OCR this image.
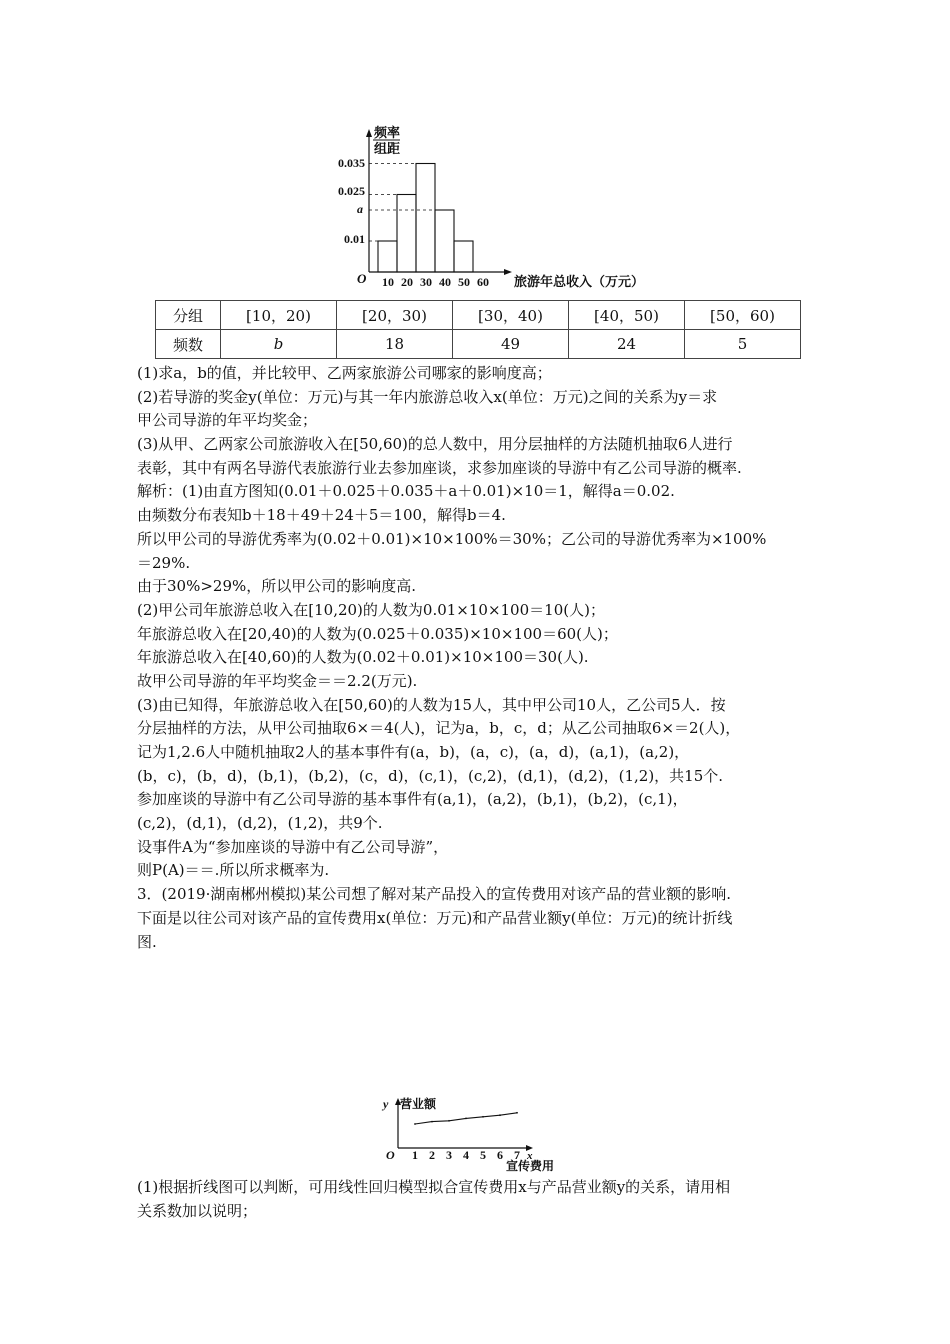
频率
组距
O
0.035
0.025
a
0.01
10 20 30 40 50 60 旅游年总收入（万元）
分组	[10，20)	[20，30)	[30，40)	[40，50)	[50，60)
频数	b	18	49	24	5
(1)求a，b的值，并比较甲、乙两家旅游公司哪家的影响度高；
(2)若导游的奖金y(单位：万元)与其一年内旅游总收入x(单位：万元)之间的关系为y＝求
甲公司导游的年平均奖金；
(3)从甲、乙两家公司旅游收入在[50,60)的总人数中，用分层抽样的方法随机抽取6人进行
表彰，其中有两名导游代表旅游行业去参加座谈，求参加座谈的导游中有乙公司导游的概率.
解析：(1)由直方图知(0.01＋0.025＋0.035＋a＋0.01)×10＝1，解得a＝0.02.
由频数分布表知b＋18＋49＋24＋5＝100，解得b＝4.
所以甲公司的导游优秀率为(0.02＋0.01)×10×100%＝30%；乙公司的导游优秀率为×100%
＝29%.
由于30%>29%，所以甲公司的影响度高.
(2)甲公司年旅游总收入在[10,20)的人数为0.01×10×100＝10(人)；
年旅游总收入在[20,40)的人数为(0.025＋0.035)×10×100＝60(人)；
年旅游总收入在[40,60)的人数为(0.02＋0.01)×10×100＝30(人).
故甲公司导游的年平均奖金＝＝2.2(万元).
(3)由已知得，年旅游总收入在[50,60)的人数为15人，其中甲公司10人，乙公司5人．按
分层抽样的方法，从甲公司抽取6×＝4(人)，记为a，b，c，d；从乙公司抽取6×＝2(人)，
记为1,2.6人中随机抽取2人的基本事件有(a，b)，(a，c)，(a，d)，(a,1)，(a,2)，
(b，c)，(b，d)，(b,1)，(b,2)，(c，d)，(c,1)，(c,2)，(d,1)，(d,2)，(1,2)，共15个.
参加座谈的导游中有乙公司导游的基本事件有(a,1)，(a,2)，(b,1)，(b,2)，(c,1)，
(c,2)，(d,1)，(d,2)，(1,2)，共9个.
设事件A为“参加座谈的导游中有乙公司导游”，
则P(A)＝＝.所以所求概率为.
3．(2019·湖南郴州模拟)某公司想了解对某产品投入的宣传费用对该产品的营业额的影响.
下面是以往公司对该产品的宣传费用x(单位：万元)和产品营业额y(单位：万元)的统计折线
图.
y 营业额
O 1 2 3 4 5 6 7 x
宣传费用
(1)根据折线图可以判断，可用线性回归模型拟合宣传费用x与产品营业额y的关系，请用相
关系数加以说明；
